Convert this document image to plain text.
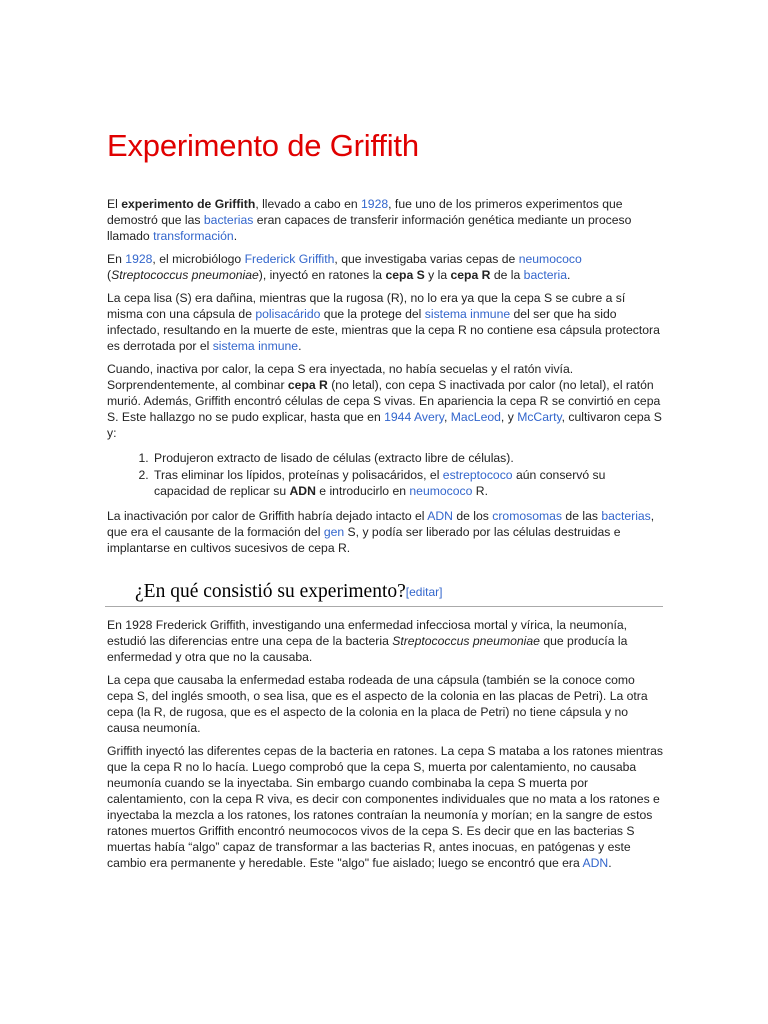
Experimento de Griffith

El experimento de Griffith, llevado a cabo en 1928, fue uno de los primeros experimentos que demostró que las bacterias eran capaces de transferir información genética mediante un proceso llamado transformación.

En 1928, el microbiólogo Frederick Griffith, que investigaba varias cepas de neumococo (Streptococcus pneumoniae), inyectó en ratones la cepa S y la cepa R de la bacteria.

La cepa lisa (S) era dañina, mientras que la rugosa (R), no lo era ya que la cepa S se cubre a sí misma con una cápsula de polisacárido que la protege del sistema inmune del ser que ha sido infectado, resultando en la muerte de este, mientras que la cepa R no contiene esa cápsula protectora es derrotada por el sistema inmune.

Cuando, inactiva por calor, la cepa S era inyectada, no había secuelas y el ratón vivía. Sorprendentemente, al combinar cepa R (no letal), con cepa S inactivada por calor (no letal), el ratón murió. Además, Griffith encontró células de cepa S vivas. En apariencia la cepa R se convirtió en cepa S. Este hallazgo no se pudo explicar, hasta que en 1944 Avery, MacLeod, y McCarty, cultivaron cepa S y:

1. Produjeron extracto de lisado de células (extracto libre de células).
2. Tras eliminar los lípidos, proteínas y polisacáridos, el estreptococo aún conservó su capacidad de replicar su ADN e introducirlo en neumococo R.

La inactivación por calor de Griffith habría dejado intacto el ADN de los cromosomas de las bacterias, que era el causante de la formación del gen S, y podía ser liberado por las células destruidas e implantarse en cultivos sucesivos de cepa R.

¿En qué consistió su experimento?[editar]

En 1928 Frederick Griffith, investigando una enfermedad infecciosa mortal y vírica, la neumonía, estudió las diferencias entre una cepa de la bacteria Streptococcus pneumoniae que producía la enfermedad y otra que no la causaba.

La cepa que causaba la enfermedad estaba rodeada de una cápsula (también se la conoce como cepa S, del inglés smooth, o sea lisa, que es el aspecto de la colonia en las placas de Petri). La otra cepa (la R, de rugosa, que es el aspecto de la colonia en la placa de Petri) no tiene cápsula y no causa neumonía.

Griffith inyectó las diferentes cepas de la bacteria en ratones. La cepa S mataba a los ratones mientras que la cepa R no lo hacía. Luego comprobó que la cepa S, muerta por calentamiento, no causaba neumonía cuando se la inyectaba. Sin embargo cuando combinaba la cepa S muerta por calentamiento, con la cepa R viva, es decir con componentes individuales que no mata a los ratones e inyectaba la mezcla a los ratones, los ratones contraían la neumonía y morían; en la sangre de estos ratones muertos Griffith encontró neumococos vivos de la cepa S. Es decir que en las bacterias S muertas había “algo” capaz de transformar a las bacterias R, antes inocuas, en patógenas y este cambio era permanente y heredable. Este "algo" fue aislado; luego se encontró que era ADN.
